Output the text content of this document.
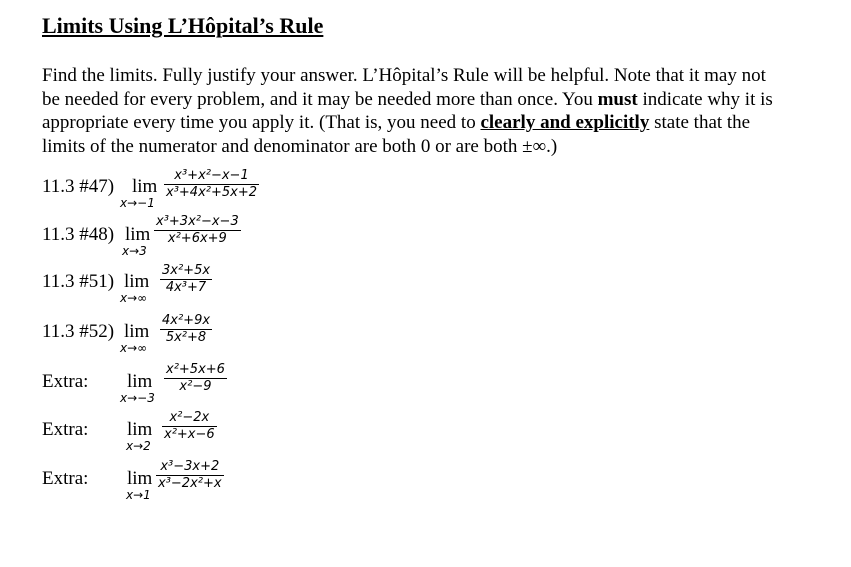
Limits Using L’Hôpital’s Rule
Find the limits. Fully justify your answer. L’Hôpital’s Rule will be helpful. Note that it may not
be needed for every problem, and it may be needed more than once. You must indicate why it is
appropriate every time you apply it. (That is, you need to clearly and explicitly state that the
limits of the numerator and denominator are both 0 or are both ±∞.)
11.3 #47) lim
x→−1
x³+x²−x−1
x³+4x²+5x+2
11.3 #48) lim
x→3
x³+3x²−x−3
x²+6x+9
11.3 #51) lim
x→∞
3x²+5x
4x³+7
11.3 #52) lim
x→∞
4x²+9x
5x²+8
Extra: lim
x→−3
x²+5x+6
x²−9
Extra: lim
x→2
x²−2x
x²+x−6
Extra: lim
x→1
x³−3x+2
x³−2x²+x
